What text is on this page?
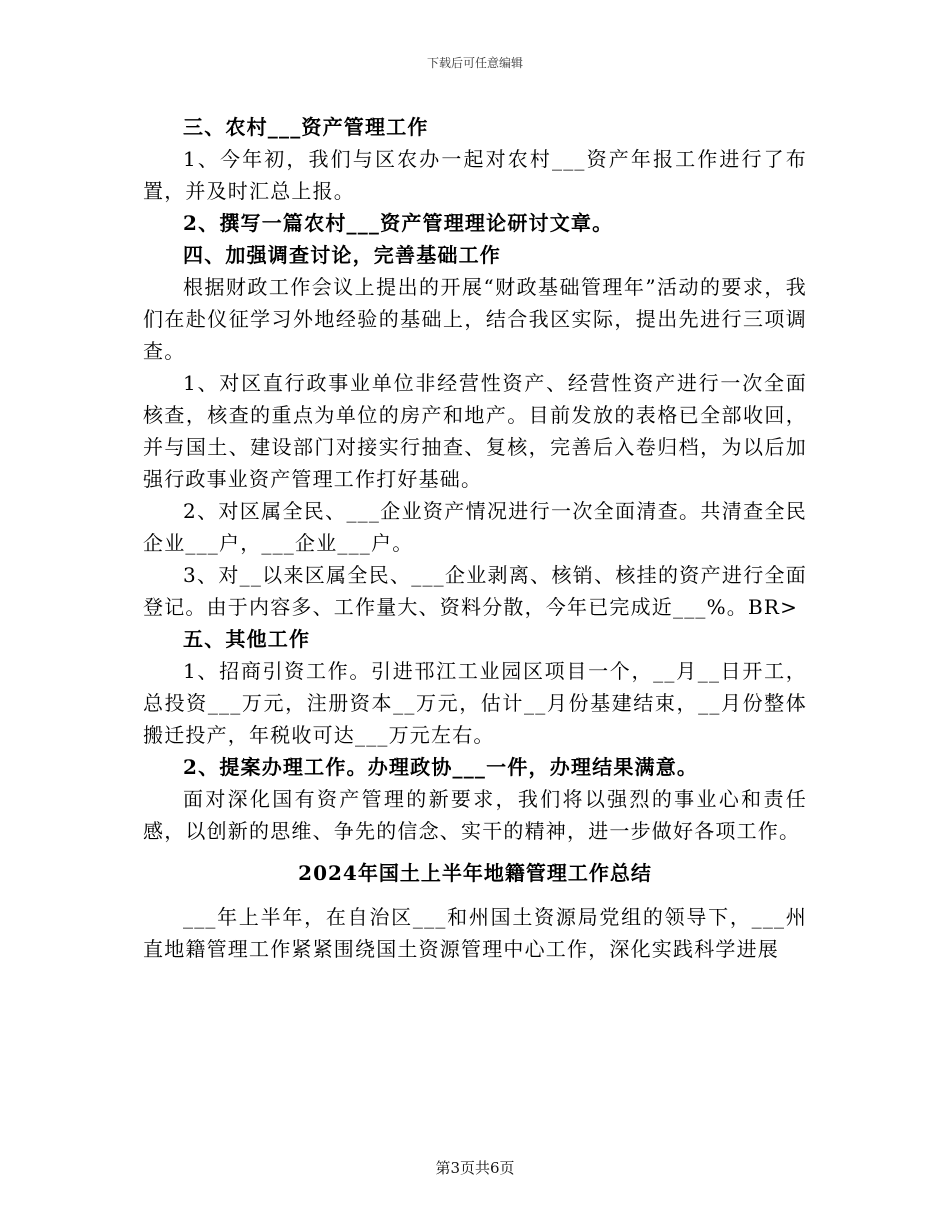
下载后可任意编辑

三、农村___资产管理工作

1、今年初，我们与区农办一起对农村___资产年报工作进行了布置，并及时汇总上报。

2、撰写一篇农村___资产管理理论研讨文章。

四、加强调查讨论，完善基础工作

根据财政工作会议上提出的开展“财政基础管理年”活动的要求，我们在赴仪征学习外地经验的基础上，结合我区实际，提出先进行三项调查。

1、对区直行政事业单位非经营性资产、经营性资产进行一次全面核查，核查的重点为单位的房产和地产。目前发放的表格已全部收回，并与国土、建设部门对接实行抽查、复核，完善后入卷归档，为以后加强行政事业资产管理工作打好基础。

2、对区属全民、___企业资产情况进行一次全面清查。共清查全民企业___户，___企业___户。

3、对__以来区属全民、___企业剥离、核销、核挂的资产进行全面登记。由于内容多、工作量大、资料分散，今年已完成近___%。BR>

五、其他工作

1、招商引资工作。引进邗江工业园区项目一个，__月__日开工，总投资___万元，注册资本__万元，估计__月份基建结束，__月份整体搬迁投产，年税收可达___万元左右。

2、提案办理工作。办理政协___一件，办理结果满意。

面对深化国有资产管理的新要求，我们将以强烈的事业心和责任感，以创新的思维、争先的信念、实干的精神，进一步做好各项工作。

2024年国土上半年地籍管理工作总结

___年上半年，在自治区___和州国土资源局党组的领导下，___州直地籍管理工作紧紧围绕国土资源管理中心工作，深化实践科学进展

第3页共6页
